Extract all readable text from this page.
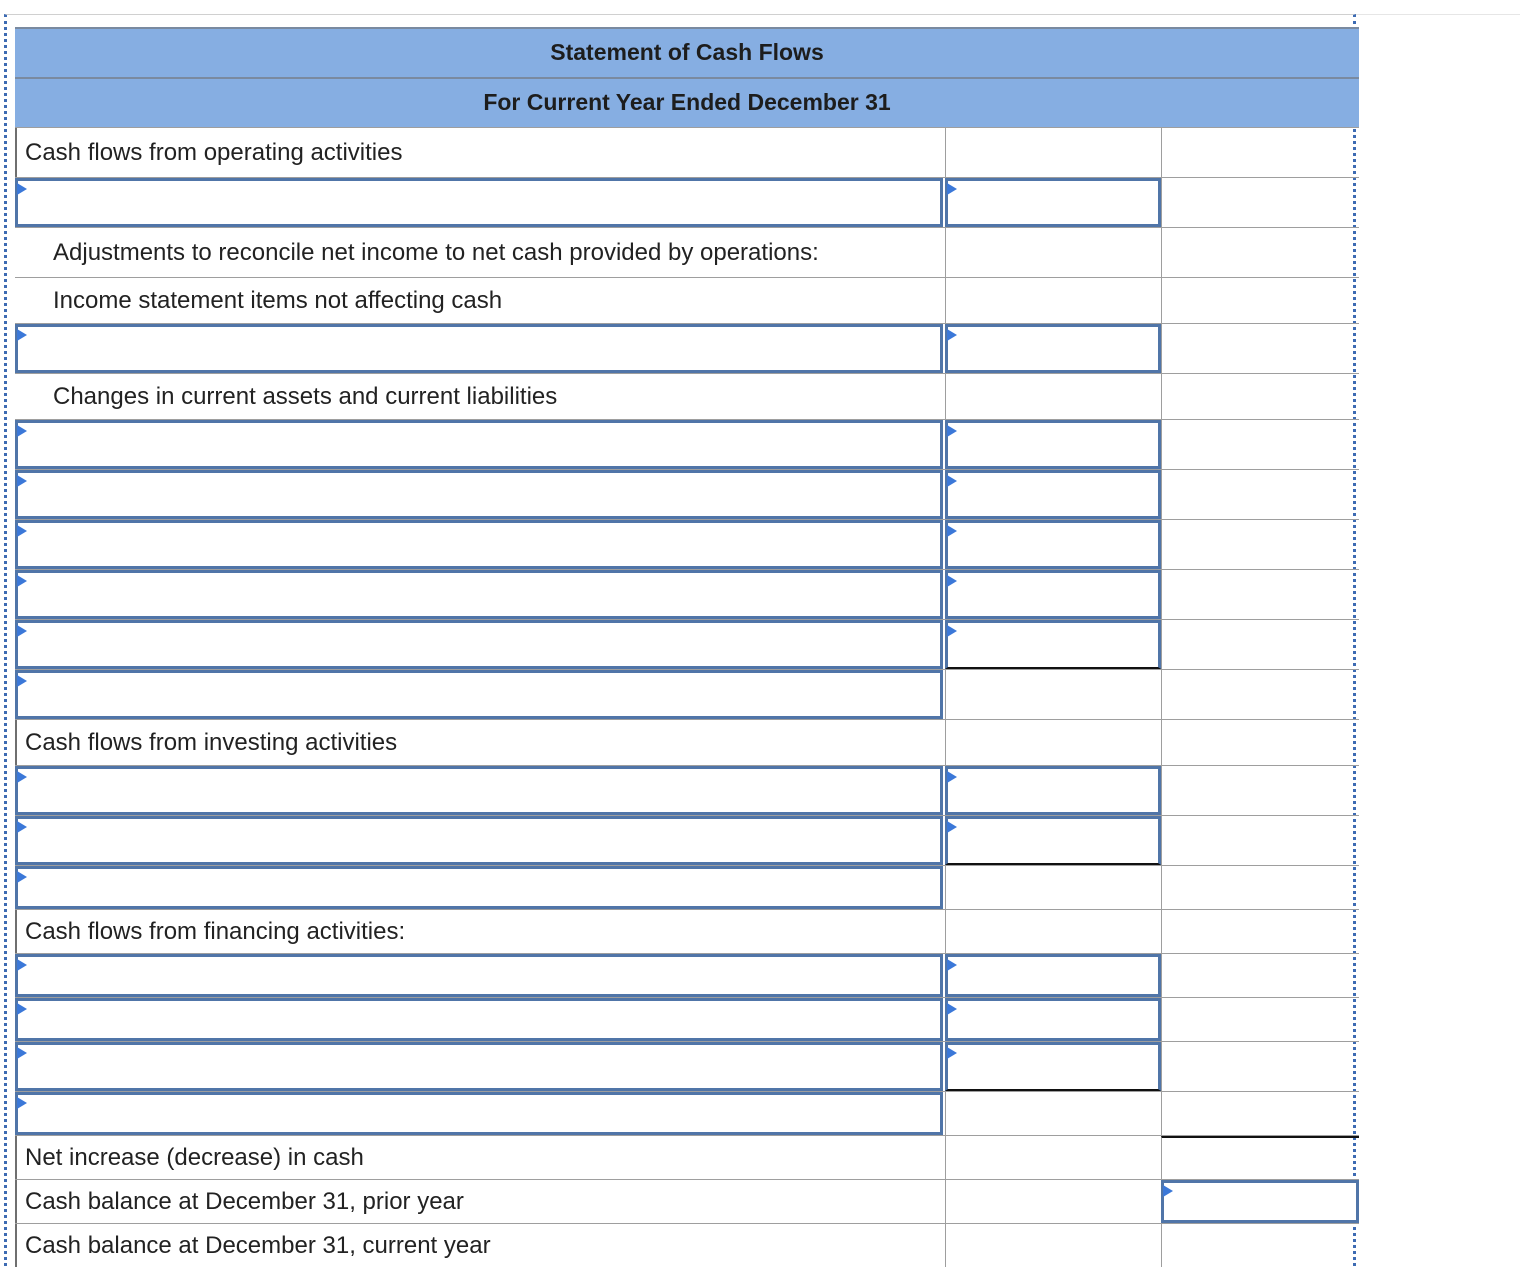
Statement of Cash Flows
For Current Year Ended December 31
Cash flows from operating activities
Adjustments to reconcile net income to net cash provided by operations:
Income statement items not affecting cash
Changes in current assets and current liabilities
Cash flows from investing activities
Cash flows from financing activities:
Net increase (decrease) in cash
Cash balance at December 31, prior year
Cash balance at December 31, current year
